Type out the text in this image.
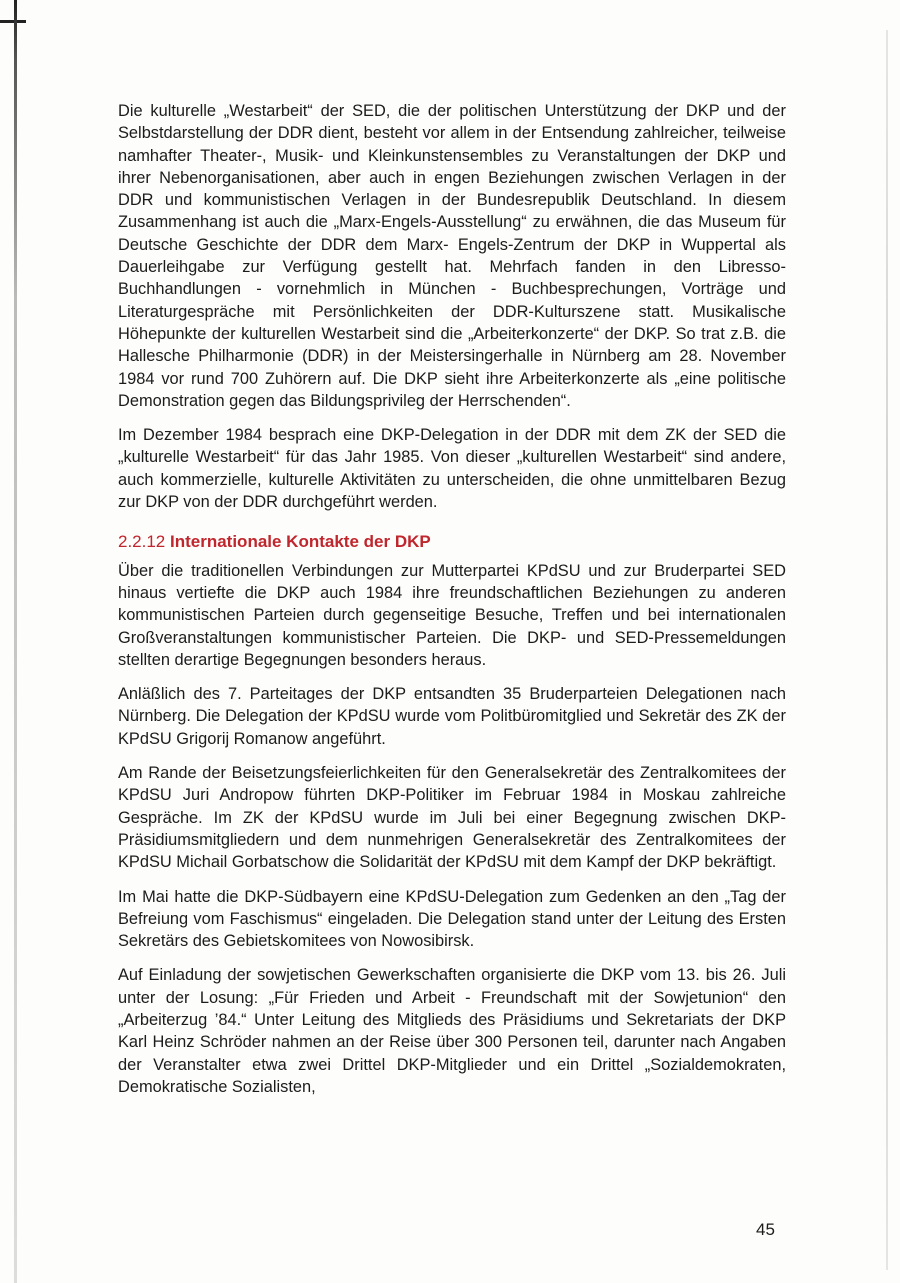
Die kulturelle „Westarbeit“ der SED, die der politischen Unterstützung der DKP und der Selbstdarstellung der DDR dient, besteht vor allem in der Entsendung zahlreicher, teilweise namhafter Theater-, Musik- und Kleinkunstensembles zu Veranstaltungen der DKP und ihrer Nebenorganisationen, aber auch in engen Beziehungen zwischen Verlagen in der DDR und kommunistischen Verlagen in der Bundesrepublik Deutschland. In diesem Zusammenhang ist auch die „Marx-Engels-Ausstellung“ zu erwähnen, die das Museum für Deutsche Geschichte der DDR dem Marx- Engels-Zentrum der DKP in Wuppertal als Dauerleihgabe zur Verfügung gestellt hat. Mehrfach fanden in den Libresso-Buchhandlungen - vornehmlich in München - Buchbesprechungen, Vorträge und Literaturgespräche mit Persönlichkeiten der DDR-Kulturszene statt. Musikalische Höhepunkte der kulturellen Westarbeit sind die „Arbeiterkonzerte“ der DKP. So trat z.B. die Hallesche Philharmonie (DDR) in der Meistersingerhalle in Nürnberg am 28. November 1984 vor rund 700 Zuhörern auf. Die DKP sieht ihre Arbeiterkonzerte als „eine politische Demonstration gegen das Bildungsprivileg der Herrschenden“.

Im Dezember 1984 besprach eine DKP-Delegation in der DDR mit dem ZK der SED die „kulturelle Westarbeit“ für das Jahr 1985. Von dieser „kulturellen Westarbeit“ sind andere, auch kommerzielle, kulturelle Aktivitäten zu unterscheiden, die ohne unmittelbaren Bezug zur DKP von der DDR durchgeführt werden.

2.2.12 Internationale Kontakte der DKP

Über die traditionellen Verbindungen zur Mutterpartei KPdSU und zur Bruderpartei SED hinaus vertiefte die DKP auch 1984 ihre freundschaftlichen Beziehungen zu anderen kommunistischen Parteien durch gegenseitige Besuche, Treffen und bei internationalen Großveranstaltungen kommunistischer Parteien. Die DKP- und SED-Pressemeldungen stellten derartige Begegnungen besonders heraus.

Anläßlich des 7. Parteitages der DKP entsandten 35 Bruderparteien Delegationen nach Nürnberg. Die Delegation der KPdSU wurde vom Politbüromitglied und Sekretär des ZK der KPdSU Grigorij Romanow angeführt.

Am Rande der Beisetzungsfeierlichkeiten für den Generalsekretär des Zentralkomitees der KPdSU Juri Andropow führten DKP-Politiker im Februar 1984 in Moskau zahlreiche Gespräche. Im ZK der KPdSU wurde im Juli bei einer Begegnung zwischen DKP-Präsidiumsmitgliedern und dem nunmehrigen Generalsekretär des Zentralkomitees der KPdSU Michail Gorbatschow die Solidarität der KPdSU mit dem Kampf der DKP bekräftigt.

Im Mai hatte die DKP-Südbayern eine KPdSU-Delegation zum Gedenken an den „Tag der Befreiung vom Faschismus“ eingeladen. Die Delegation stand unter der Leitung des Ersten Sekretärs des Gebietskomitees von Nowosibirsk.

Auf Einladung der sowjetischen Gewerkschaften organisierte die DKP vom 13. bis 26. Juli unter der Losung: „Für Frieden und Arbeit - Freundschaft mit der Sowjetunion“ den „Arbeiterzug ’84.“ Unter Leitung des Mitglieds des Präsidiums und Sekretariats der DKP Karl Heinz Schröder nahmen an der Reise über 300 Personen teil, darunter nach Angaben der Veranstalter etwa zwei Drittel DKP-Mitglieder und ein Drittel „Sozialdemokraten, Demokratische Sozialisten,

45
